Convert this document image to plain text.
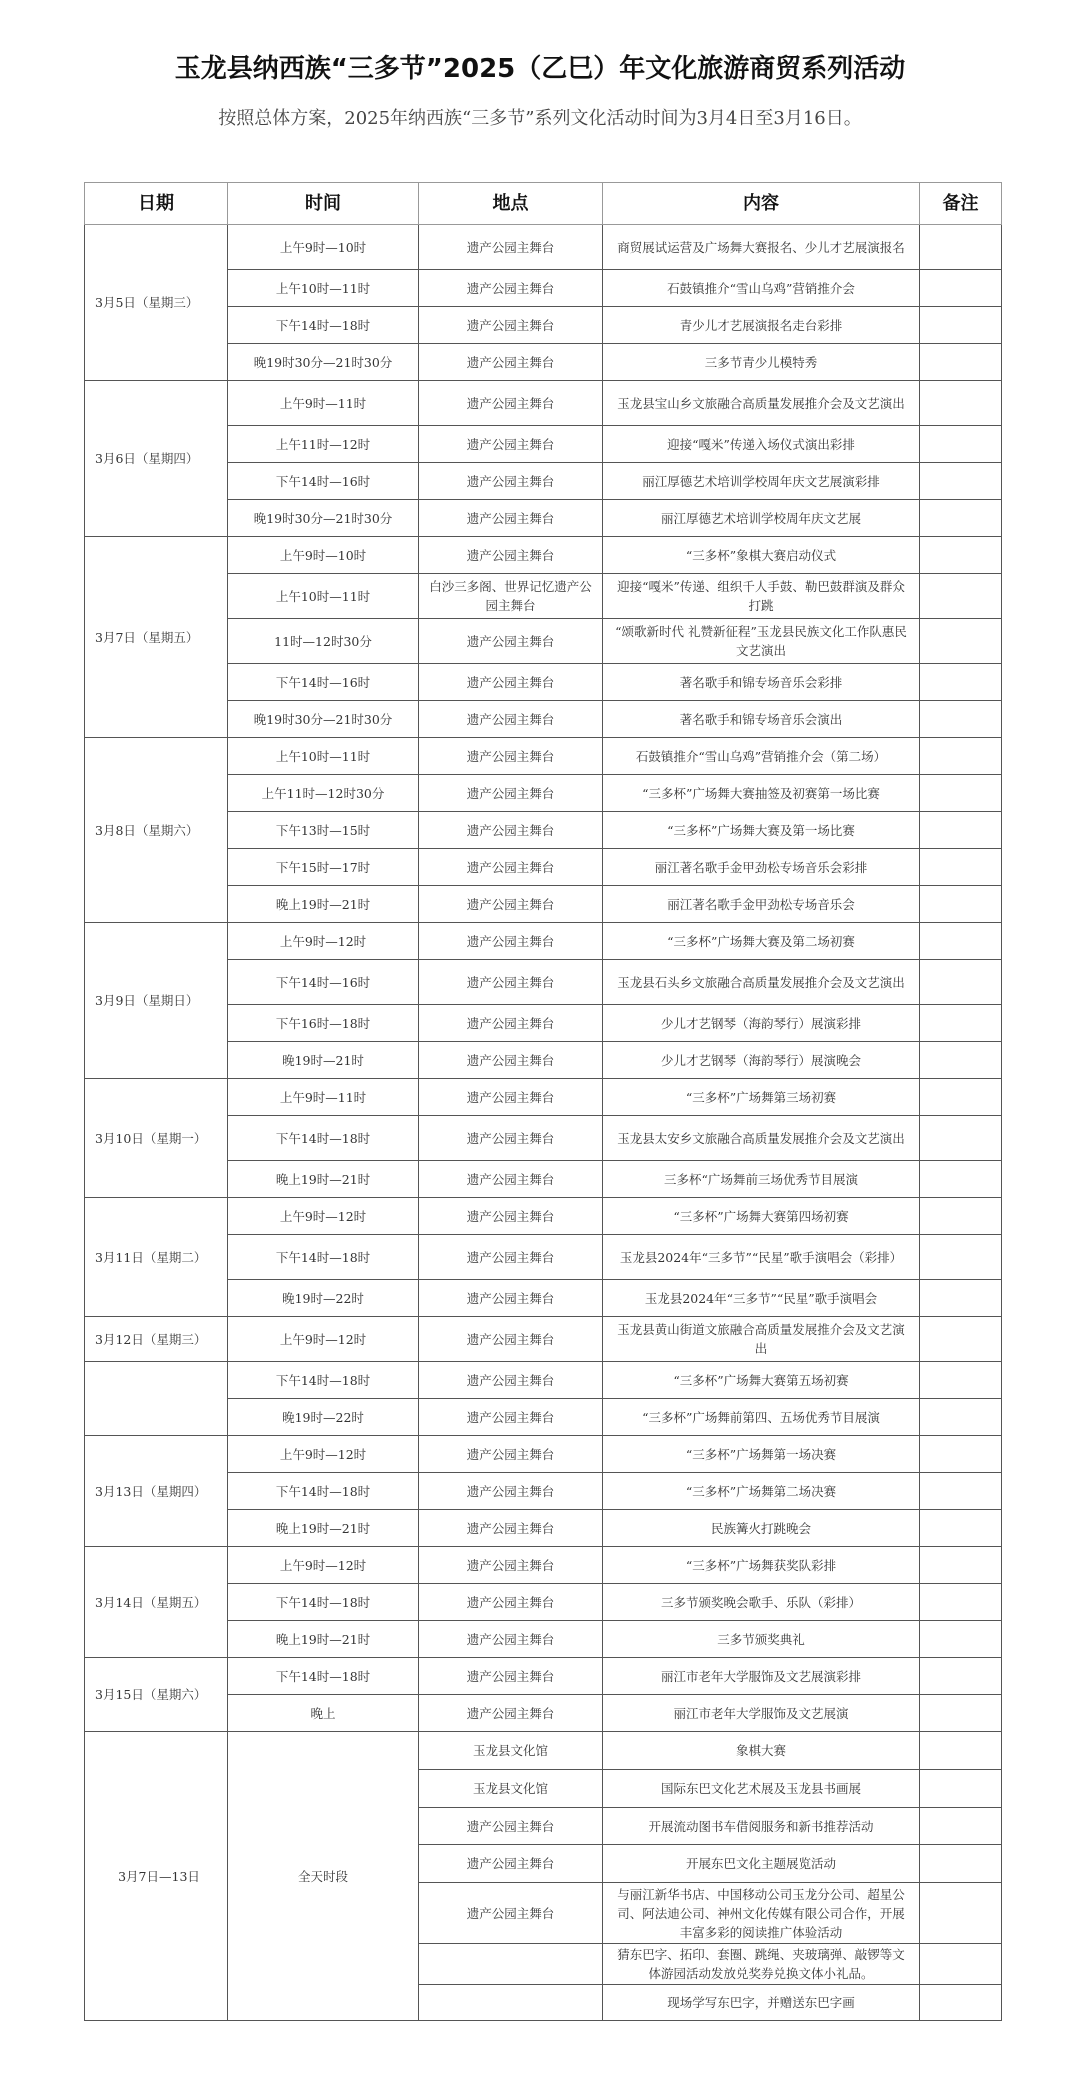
玉龙县纳西族“三多节”2025（乙巳）年文化旅游商贸系列活动
按照总体方案，2025年纳西族“三多节”系列文化活动时间为3月4日至3月16日。
日期	时间	地点	内容	备注
3月5日（星期三）	上午9时—10时	遗产公园主舞台	商贸展试运营及广场舞大赛报名、少儿才艺展演报名	
	上午10时—11时	遗产公园主舞台	石鼓镇推介“雪山乌鸡”营销推介会	
	下午14时—18时	遗产公园主舞台	青少儿才艺展演报名走台彩排	
	晚19时30分—21时30分	遗产公园主舞台	三多节青少儿模特秀	
3月6日（星期四）	上午9时—11时	遗产公园主舞台	玉龙县宝山乡文旅融合高质量发展推介会及文艺演出	
	上午11时—12时	遗产公园主舞台	迎接“嘎米”传递入场仪式演出彩排	
	下午14时—16时	遗产公园主舞台	丽江厚德艺术培训学校周年庆文艺展演彩排	
	晚19时30分—21时30分	遗产公园主舞台	丽江厚德艺术培训学校周年庆文艺展	
3月7日（星期五）	上午9时—10时	遗产公园主舞台	“三多杯”象棋大赛启动仪式	
	上午10时—11时	白沙三多阁、世界记忆遗产公园主舞台	迎接“嘎米”传递、组织千人手鼓、勒巴鼓群演及群众打跳	
	11时—12时30分	遗产公园主舞台	“颂歌新时代 礼赞新征程”玉龙县民族文化工作队惠民文艺演出	
	下午14时—16时	遗产公园主舞台	著名歌手和锦专场音乐会彩排	
	晚19时30分—21时30分	遗产公园主舞台	著名歌手和锦专场音乐会演出	
3月8日（星期六）	上午10时—11时	遗产公园主舞台	石鼓镇推介“雪山乌鸡”营销推介会（第二场）	
	上午11时—12时30分	遗产公园主舞台	“三多杯”广场舞大赛抽签及初赛第一场比赛	
	下午13时—15时	遗产公园主舞台	“三多杯”广场舞大赛及第一场比赛	
	下午15时—17时	遗产公园主舞台	丽江著名歌手金甲劲松专场音乐会彩排	
	晚上19时—21时	遗产公园主舞台	丽江著名歌手金甲劲松专场音乐会	
3月9日（星期日）	上午9时—12时	遗产公园主舞台	“三多杯”广场舞大赛及第二场初赛	
	下午14时—16时	遗产公园主舞台	玉龙县石头乡文旅融合高质量发展推介会及文艺演出	
	下午16时—18时	遗产公园主舞台	少儿才艺钢琴（海韵琴行）展演彩排	
	晚19时—21时	遗产公园主舞台	少儿才艺钢琴（海韵琴行）展演晚会	
3月10日（星期一）	上午9时—11时	遗产公园主舞台	“三多杯”广场舞第三场初赛	
	下午14时—18时	遗产公园主舞台	玉龙县太安乡文旅融合高质量发展推介会及文艺演出	
	晚上19时—21时	遗产公园主舞台	三多杯“广场舞前三场优秀节目展演	
3月11日（星期二）	上午9时—12时	遗产公园主舞台	“三多杯”广场舞大赛第四场初赛	
	下午14时—18时	遗产公园主舞台	玉龙县2024年“三多节”“民星”歌手演唱会（彩排）	
	晚19时—22时	遗产公园主舞台	玉龙县2024年“三多节”“民星”歌手演唱会	
3月12日（星期三）	上午9时—12时	遗产公园主舞台	玉龙县黄山街道文旅融合高质量发展推介会及文艺演出	
	下午14时—18时	遗产公园主舞台	“三多杯”广场舞大赛第五场初赛	
	晚19时—22时	遗产公园主舞台	“三多杯”广场舞前第四、五场优秀节目展演	
3月13日（星期四）	上午9时—12时	遗产公园主舞台	“三多杯”广场舞第一场决赛	
	下午14时—18时	遗产公园主舞台	“三多杯”广场舞第二场决赛	
	晚上19时—21时	遗产公园主舞台	民族篝火打跳晚会	
3月14日（星期五）	上午9时—12时	遗产公园主舞台	“三多杯”广场舞获奖队彩排	
	下午14时—18时	遗产公园主舞台	三多节颁奖晚会歌手、乐队（彩排）	
	晚上19时—21时	遗产公园主舞台	三多节颁奖典礼	
3月15日（星期六）	下午14时—18时	遗产公园主舞台	丽江市老年大学服饰及文艺展演彩排	
	晚上	遗产公园主舞台	丽江市老年大学服饰及文艺展演	
3月7日—13日	全天时段	玉龙县文化馆	象棋大赛	
		玉龙县文化馆	国际东巴文化艺术展及玉龙县书画展	
		遗产公园主舞台	开展流动图书车借阅服务和新书推荐活动	
		遗产公园主舞台	开展东巴文化主题展览活动	
		遗产公园主舞台	与丽江新华书店、中国移动公司玉龙分公司、超星公司、阿法迪公司、神州文化传媒有限公司合作，开展丰富多彩的阅读推广体验活动	
			猜东巴字、拓印、套圈、跳绳、夹玻璃弹、敲锣等文体游园活动发放兑奖券兑换文体小礼品。	
			现场学写东巴字，并赠送东巴字画	
